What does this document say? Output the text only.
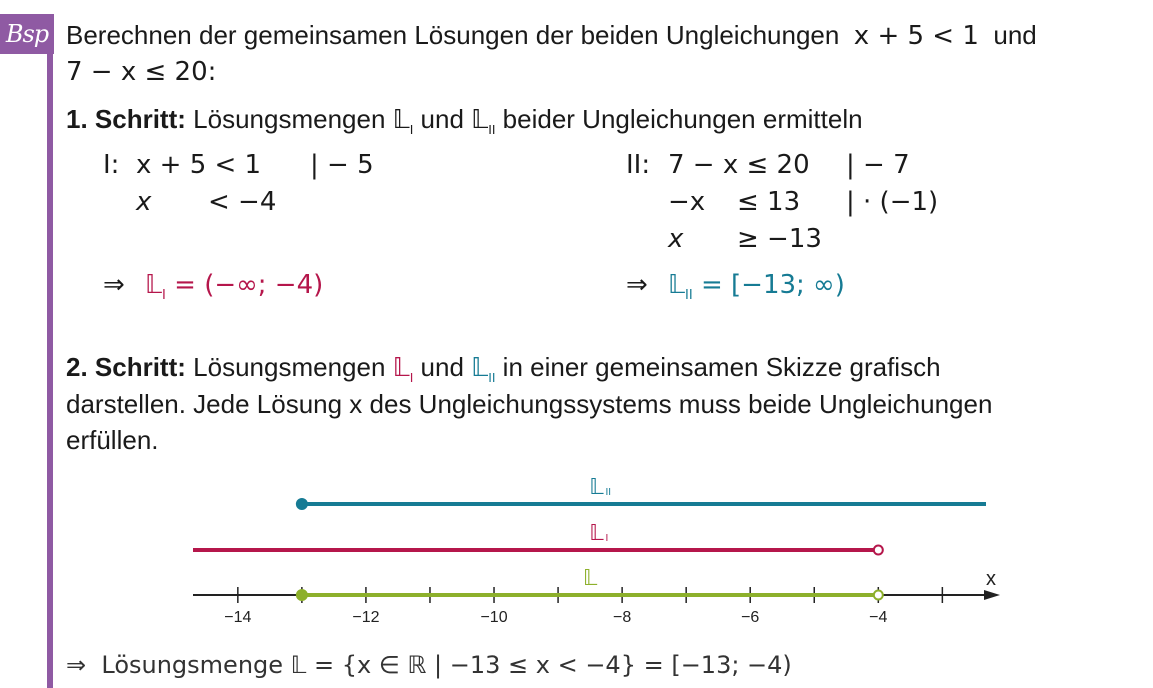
Bsp Berechnen der gemeinsamen Lösungen der beiden Ungleichungen x + 5 < 1 und
7 − x ≤ 20:
1. Schritt: Lösungsmengen 𝕃$_I$ und 𝕃$_{II}$ beider Ungleichungen ermitteln
I: x + 5 < 1 | − 5
x < −4
⇒ 𝕃$_I$ = (−∞; −4)
II: 7 − x ≤ 20 | − 7
−x ≤ 13 | · (−1)
x ≥ −13
⇒ 𝕃$_{II}$ = [−13; ∞)
2. Schritt: Lösungsmengen 𝕃$_I$ und 𝕃$_{II}$ in einer gemeinsamen Skizze grafisch
darstellen. Jede Lösung x des Ungleichungssystems muss beide Ungleichungen
erfüllen.
x
−14	−12	−10	−8	−6	−4
𝕃 II
𝕃 I
𝕃
⇒ Lösungsmenge 𝕃 = {x ∈ ℝ | −13 ≤ x < −4} = [−13; −4)
